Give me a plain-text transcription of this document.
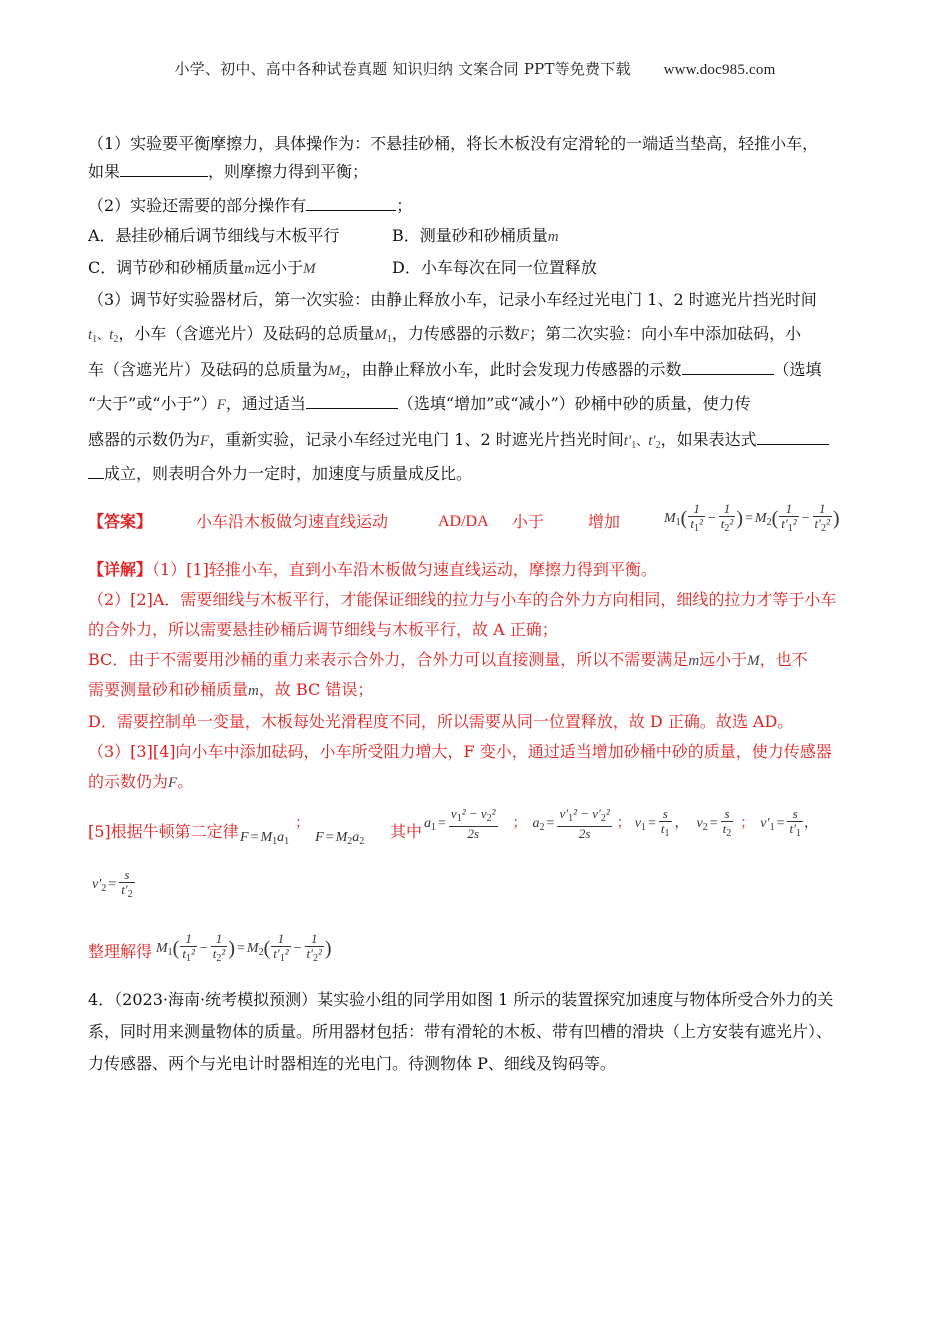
小学、初中、高中各种试卷真题 知识归纳 文案合同 PPT等免费下载 www.doc985.com
（1）实验要平衡摩擦力，具体操作为：不悬挂砂桶，将长木板没有定滑轮的一端适当垫高，轻推小车，
如果	，则摩擦力得到平衡；
（2）实验还需要的部分操作有	；
A．悬挂砂桶后调节细线与木板平行	B．测量砂和砂桶质量m
C．调节砂和砂桶质量m远小于M	D．小车每次在同一位置释放
（3）调节好实验器材后，第一次实验：由静止释放小车，记录小车经过光电门 1、2 时遮光片挡光时间
$t_1$、$t_2$，小车（含遮光片）及砝码的总质量$M_1$，力传感器的示数F；第二次实验：向小车中添加砝码，小
车（含遮光片）及砝码的总质量为$M_2$，由静止释放小车，此时会发现力传感器的示数	（选填
“大于”或“小于”）F，通过适当	（选填“增加”或“减小”）砂桶中砂的质量，使力传
感器的示数仍为F，重新实验，记录小车经过光电门 1、2 时遮光片挡光时间$t'_1$、$t'_2$，如果表达式
成立，则表明合外力一定时，加速度与质量成反比。
【答案】	小车沿木板做匀速直线运动	AD/DA 小于	增加	$M_1( \frac{1}{t_1^2} - \frac{1}{t_2^2}$ ) = $M_2( \frac{1}{t'_1^2} - \frac{1}{t'_2^2}$ )
【详解】（1）[1]轻推小车，直到小车沿木板做匀速直线运动，摩擦力得到平衡。
（2）[2]A．需要细线与木板平行，才能保证细线的拉力与小车的合外力方向相同，细线的拉力才等于小车
的合外力，所以需要悬挂砂桶后调节细线与木板平行，故 A 正确；
BC．由于不需要用沙桶的重力来表示合外力，合外力可以直接测量，所以不需要满足m远小于M，也不
需要测量砂和砂桶质量m，故 BC 错误；
D．需要控制单一变量，木板每处光滑程度不同，所以需要从同一位置释放，故 D 正确。故选 AD。
（3）[3][4]向小车中添加砝码，小车所受阻力增大，F 变小，通过适当增加砂桶中砂的质量，使力传感器
的示数仍为F。
[5]根据牛顿第二定律 $F = M_1a_1$；$F = M_2a_2$
其中 $a_1 = \frac{v_1^2 - v_2^2}{2s}$ ； $a_2 = \frac{v'_1^2 - v'_2^2}{2s}$ ； $v_1 = \frac{s}{t_1}$ ， $v_2 = \frac{s}{t_2}$ ； $v'_1 = \frac{s}{t'_1}$ ，
$v'_2 = \frac{s}{t'_2}$
整理解得 $M_1( \frac{1}{t_1^2} - \frac{1}{t_2^2}$ ) = $M_2( \frac{1}{t'_1^2} - \frac{1}{t'_2^2}$ )
4．（2023·海南·统考模拟预测）某实验小组的同学用如图 1 所示的装置探究加速度与物体所受合外力的关
系，同时用来测量物体的质量。所用器材包括：带有滑轮的木板、带有凹槽的滑块（上方安装有遮光片）、
力传感器、两个与光电计时器相连的光电门。待测物体 P、细线及钩码等。
